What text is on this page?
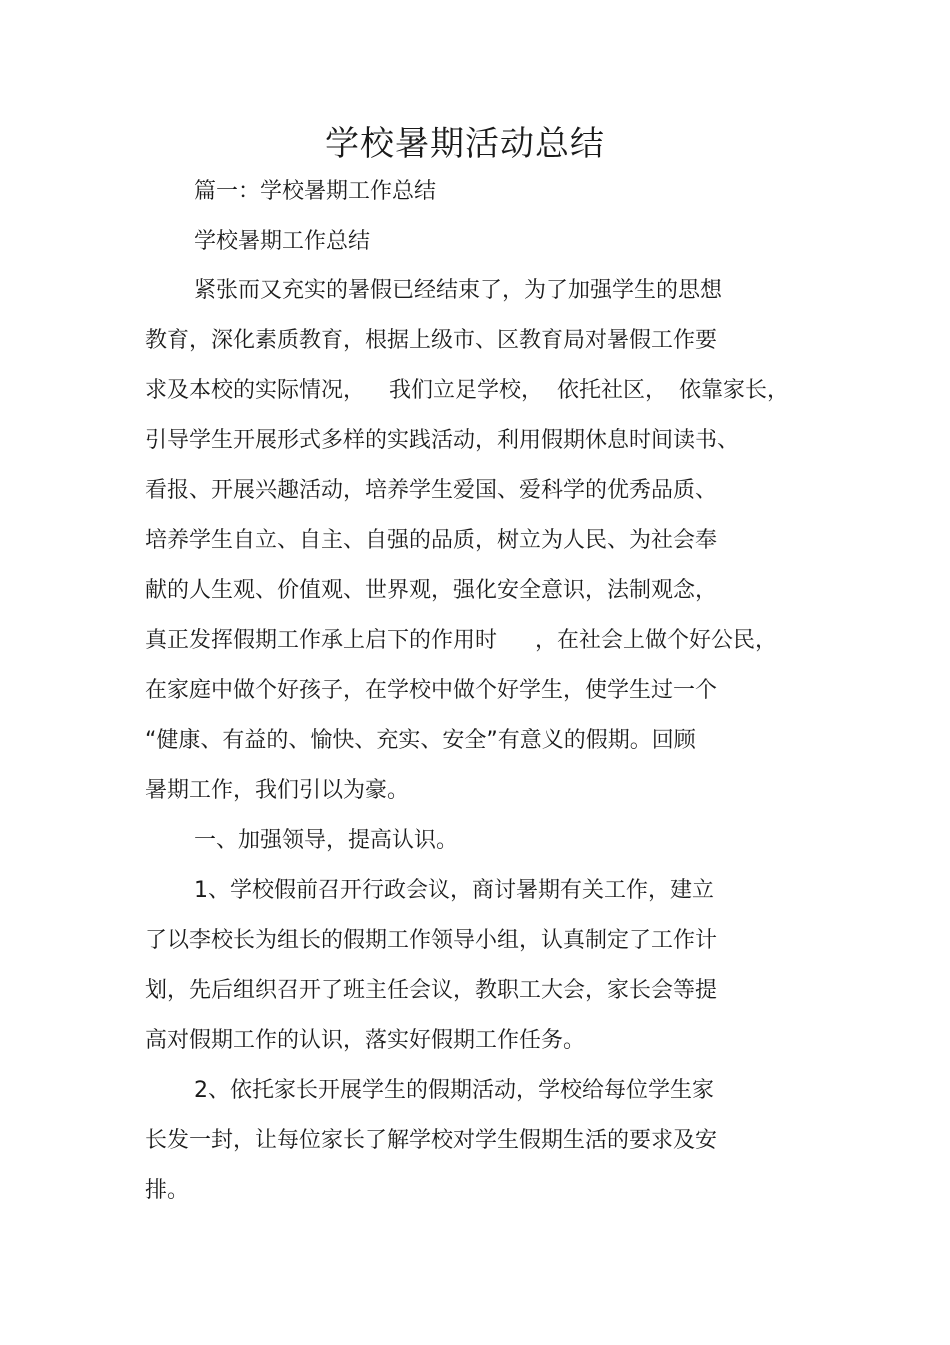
学校暑期活动总结
篇一：学校暑期工作总结
学校暑期工作总结
紧张而又充实的暑假已经结束了，为了加强学生的思想
教育，深化素质教育，根据上级市、区教育局对暑假工作要
求及本校的实际情况， 我们立足学校， 依托社区， 依靠家长，
引导学生开展形式多样的实践活动，利用假期休息时间读书、
看报、开展兴趣活动，培养学生爱国、爱科学的优秀品质、
培养学生自立、自主、自强的品质，树立为人民、为社会奉
献的人生观、价值观、世界观，强化安全意识，法制观念，
真正发挥假期工作承上启下的作用时 ，在社会上做个好公民，
在家庭中做个好孩子，在学校中做个好学生，使学生过一个
“健康、有益的、愉快、充实、安全”有意义的假期。回顾
暑期工作，我们引以为豪。
一、加强领导，提高认识。
1、学校假前召开行政会议，商讨暑期有关工作，建立
了以李校长为组长的假期工作领导小组，认真制定了工作计
划，先后组织召开了班主任会议，教职工大会，家长会等提
高对假期工作的认识，落实好假期工作任务。
2、依托家长开展学生的假期活动，学校给每位学生家
长发一封，让每位家长了解学校对学生假期生活的要求及安
排。
